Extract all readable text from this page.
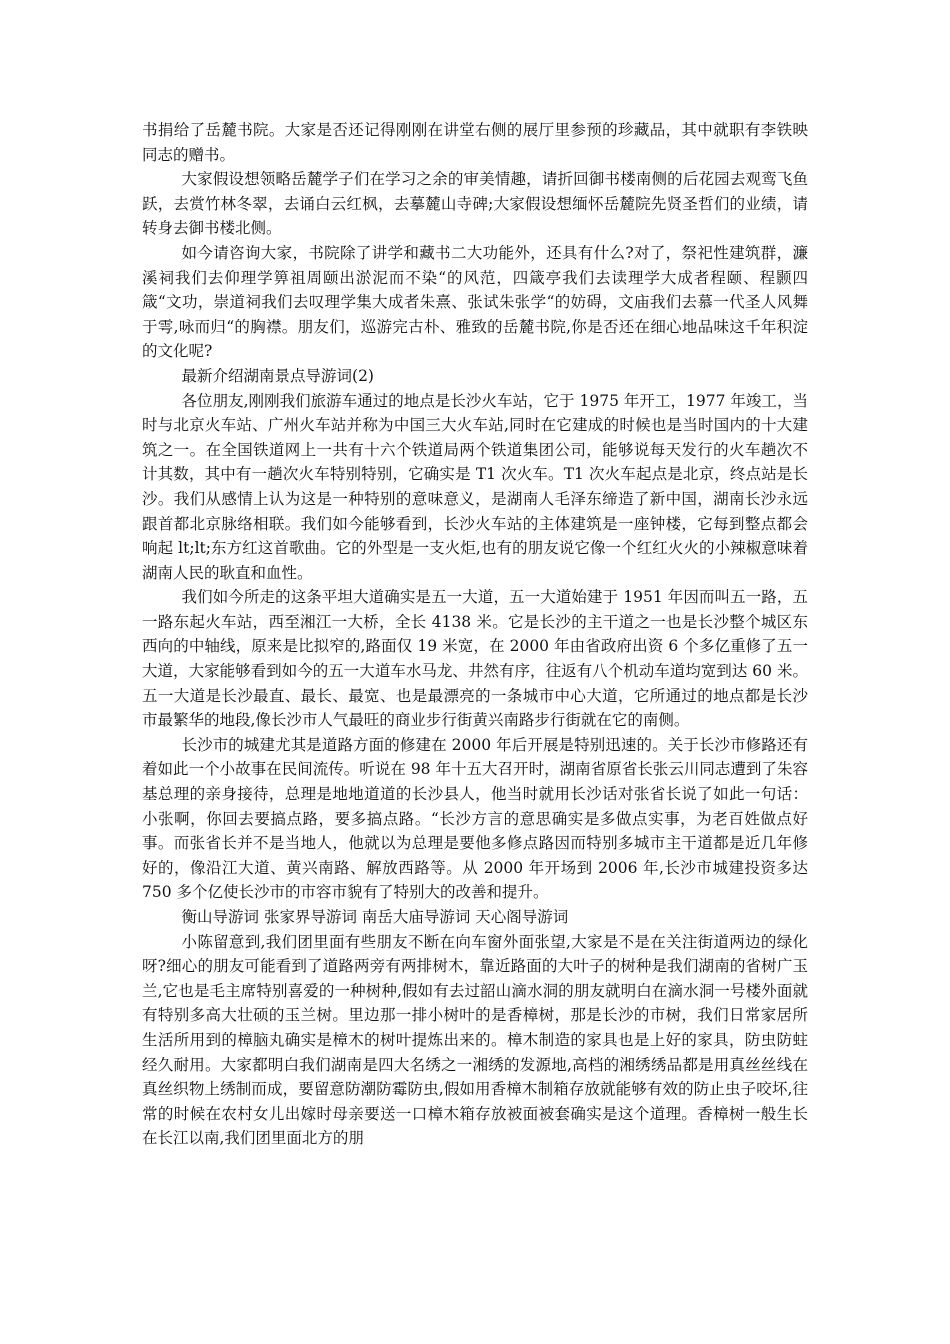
书捐给了岳麓书院。大家是否还记得刚刚在讲堂右侧的展厅里参预的珍藏品，其中就职有李铁映同志的赠书。

大家假设想领略岳麓学子们在学习之余的审美情趣，请折回御书楼南侧的后花园去观鸾飞鱼跃，去赏竹林冬翠，去诵白云红枫，去摹麓山寺碑;大家假设想缅怀岳麓院先贤圣哲们的业绩，请转身去御书楼北侧。

如今请咨询大家，书院除了讲学和藏书二大功能外，还具有什么?对了，祭祀性建筑群，濂溪祠我们去仰理学箅祖周颐出淤泥而不染“的风范，四箴亭我们去读理学大成者程颐、程颢四箴“文功，崇道祠我们去叹理学集大成者朱熹、张试朱张学“的妨碍，文庙我们去慕一代圣人风舞于雩,咏而归“的胸襟。朋友们，巡游完古朴、雅致的岳麓书院,你是否还在细心地品味这千年积淀的文化呢?

最新介绍湖南景点导游词(2)

各位朋友,刚刚我们旅游车通过的地点是长沙火车站，它于 1975 年开工，1977 年竣工，当时与北京火车站、广州火车站并称为中国三大火车站,同时在它建成的时候也是当时国内的十大建筑之一。在全国铁道网上一共有十六个铁道局两个铁道集团公司，能够说每天发行的火车趟次不计其数，其中有一趟次火车特别特别，它确实是 T1 次火车。T1 次火车起点是北京，终点站是长沙。我们从感情上认为这是一种特别的意味意义，是湖南人毛泽东缔造了新中国，湖南长沙永远跟首都北京脉络相联。我们如今能够看到，长沙火车站的主体建筑是一座钟楼，它每到整点都会响起 lt;lt;东方红这首歌曲。它的外型是一支火炬,也有的朋友说它像一个红红火火的小辣椒意味着湖南人民的耿直和血性。

我们如今所走的这条平坦大道确实是五一大道，五一大道始建于 1951 年因而叫五一路，五一路东起火车站，西至湘江一大桥，全长 4138 米。它是长沙的主干道之一也是长沙整个城区东西向的中轴线，原来是比拟窄的,路面仅 19 米宽，在 2000 年由省政府出资 6 个多亿重修了五一大道，大家能够看到如今的五一大道车水马龙、井然有序，往返有八个机动车道均宽到达 60 米。五一大道是长沙最直、最长、最宽、也是最漂亮的一条城市中心大道，它所通过的地点都是长沙市最繁华的地段,像长沙市人气最旺的商业步行街黄兴南路步行街就在它的南侧。

长沙市的城建尤其是道路方面的修建在 2000 年后开展是特别迅速的。关于长沙市修路还有着如此一个小故事在民间流传。听说在 98 年十五大召开时，湖南省原省长张云川同志遭到了朱容基总理的亲身接待，总理是地地道道的长沙县人，他当时就用长沙话对张省长说了如此一句话：小张啊，你回去要搞点路，要多搞点路。“长沙方言的意思确实是多做点实事，为老百姓做点好事。而张省长并不是当地人，他就以为总理是要他多修点路因而特别多城市主干道都是近几年修好的，像沿江大道、黄兴南路、解放西路等。从 2000 年开场到 2006 年,长沙市城建投资多达 750 多个亿使长沙市的市容市貌有了特别大的改善和提升。

衡山导游词 张家界导游词 南岳大庙导游词 天心阁导游词

小陈留意到,我们团里面有些朋友不断在向车窗外面张望,大家是不是在关注街道两边的绿化呀?细心的朋友可能看到了道路两旁有两排树木，靠近路面的大叶子的树种是我们湖南的省树广玉兰,它也是毛主席特别喜爱的一种树种,假如有去过韶山滴水洞的朋友就明白在滴水洞一号楼外面就有特别多高大壮硕的玉兰树。里边那一排小树叶的是香樟树，那是长沙的市树，我们日常家居所生活所用到的樟脑丸确实是樟木的树叶提炼出来的。樟木制造的家具也是上好的家具，防虫防蛀经久耐用。大家都明白我们湖南是四大名绣之一湘绣的发源地,高档的湘绣绣品都是用真丝丝线在真丝织物上绣制而成，要留意防潮防霉防虫,假如用香樟木制箱存放就能够有效的防止虫子咬坏,往常的时候在农村女儿出嫁时母亲要送一口樟木箱存放被面被套确实是这个道理。香樟树一般生长在长江以南,我们团里面北方的朋
